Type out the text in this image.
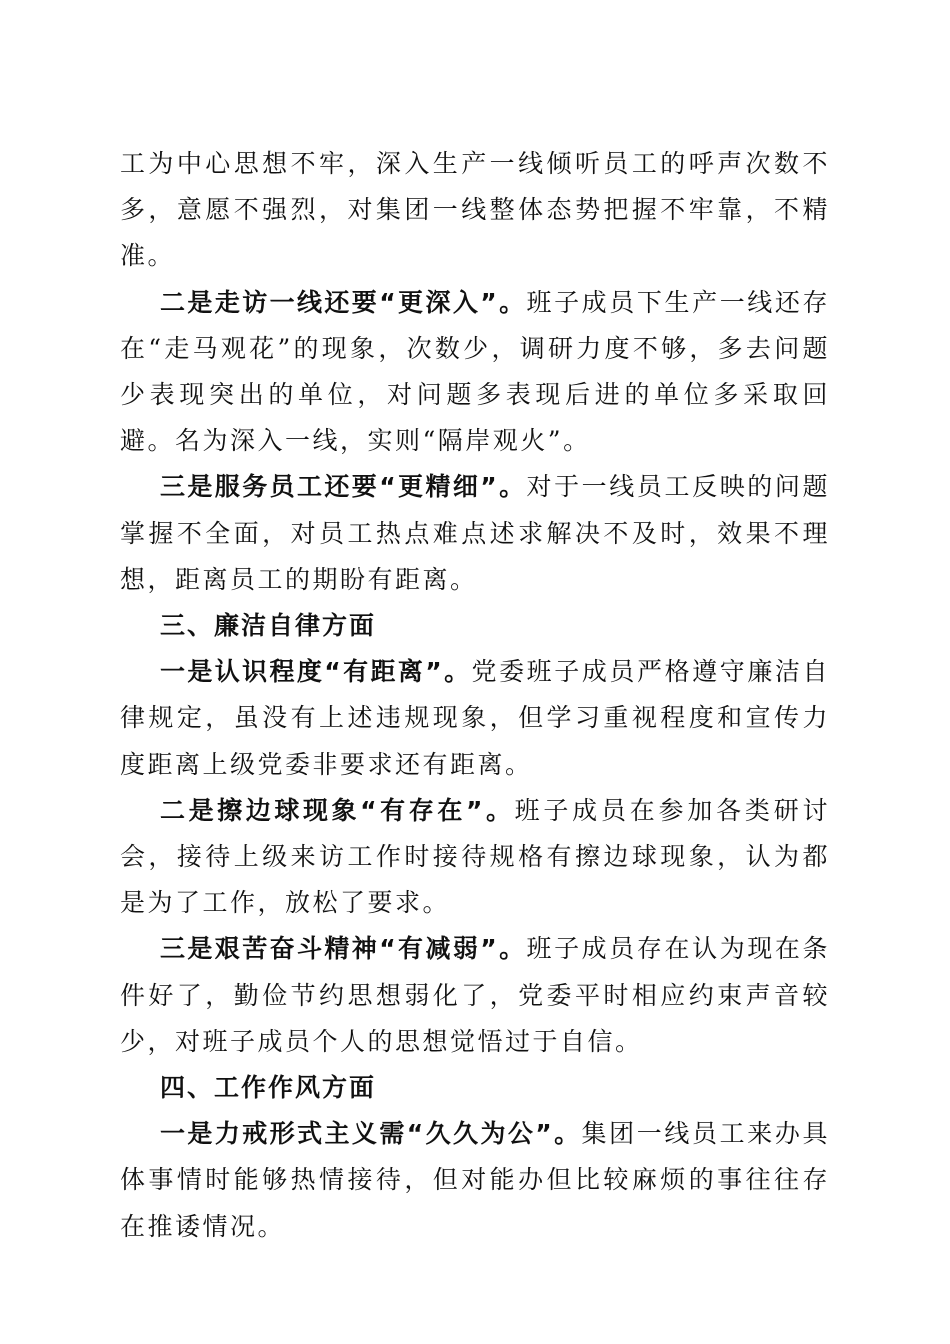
工为中心思想不牢，深入生产一线倾听员工的呼声次数不多，意愿不强烈，对集团一线整体态势把握不牢靠，不精准。

二是走访一线还要“更深入”。班子成员下生产一线还存在“走马观花”的现象，次数少，调研力度不够，多去问题少表现突出的单位，对问题多表现后进的单位多采取回避。名为深入一线，实则“隔岸观火”。

三是服务员工还要“更精细”。对于一线员工反映的问题掌握不全面，对员工热点难点述求解决不及时，效果不理想，距离员工的期盼有距离。

三、廉洁自律方面

一是认识程度“有距离”。党委班子成员严格遵守廉洁自律规定，虽没有上述违规现象，但学习重视程度和宣传力度距离上级党委非要求还有距离。

二是擦边球现象“有存在”。班子成员在参加各类研讨会，接待上级来访工作时接待规格有擦边球现象，认为都是为了工作，放松了要求。

三是艰苦奋斗精神“有减弱”。班子成员存在认为现在条件好了，勤俭节约思想弱化了，党委平时相应约束声音较少，对班子成员个人的思想觉悟过于自信。

四、工作作风方面

一是力戒形式主义需“久久为公”。集团一线员工来办具体事情时能够热情接待，但对能办但比较麻烦的事往往存在推诿情况。
